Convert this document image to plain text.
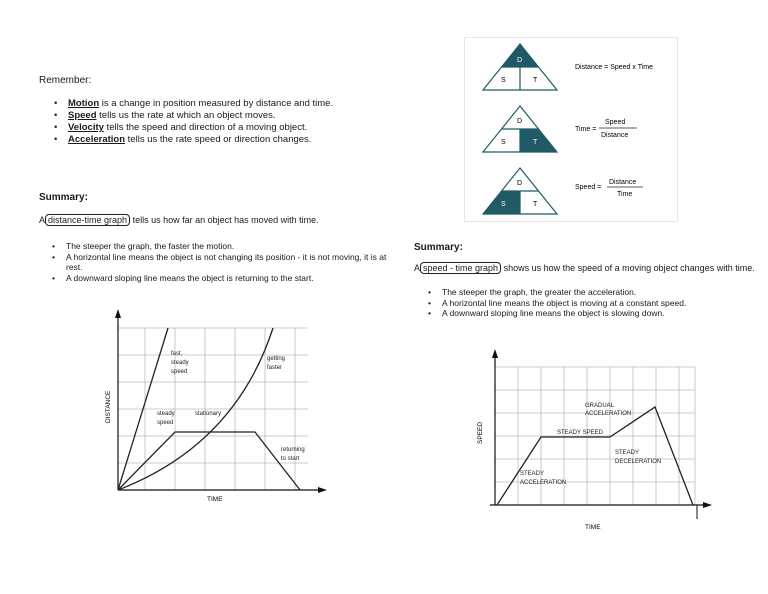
Remember:
• Motion is a change in position measured by distance and time.
• Speed tells us the rate at which an object moves.
• Velocity tells the speed and direction of a moving object.
• Acceleration tells us the rate speed or direction changes.
Summary:
A distance-time graph tells us how far an object has moved with time.
• The steeper the graph, the faster the motion.
• A horizontal line means the object is not changing its position - it is not moving, it is at rest.
• A downward sloping line means the object is returning to the start.
fast,
steady
speed
getting
faster
steady
speed
stationary
returning
to start
TIME
DISTANCE
D
S	T
Distance = Speed x Time
D
S	T
Time =
Speed
Distance
D
S	T
Speed =
Distance
Time
Summary:
A speed - time graph shows us how the speed of a moving object changes with time.
• The steeper the graph, the greater the acceleration.
• A horizontal line means the object is moving at a constant speed.
• A downward sloping line means the object is slowing down.
GRADUAL
ACCELERATION
STEADY SPEED
STEADY
DECELERATION
STEADY
ACCELERATION
TIME
SPEED
